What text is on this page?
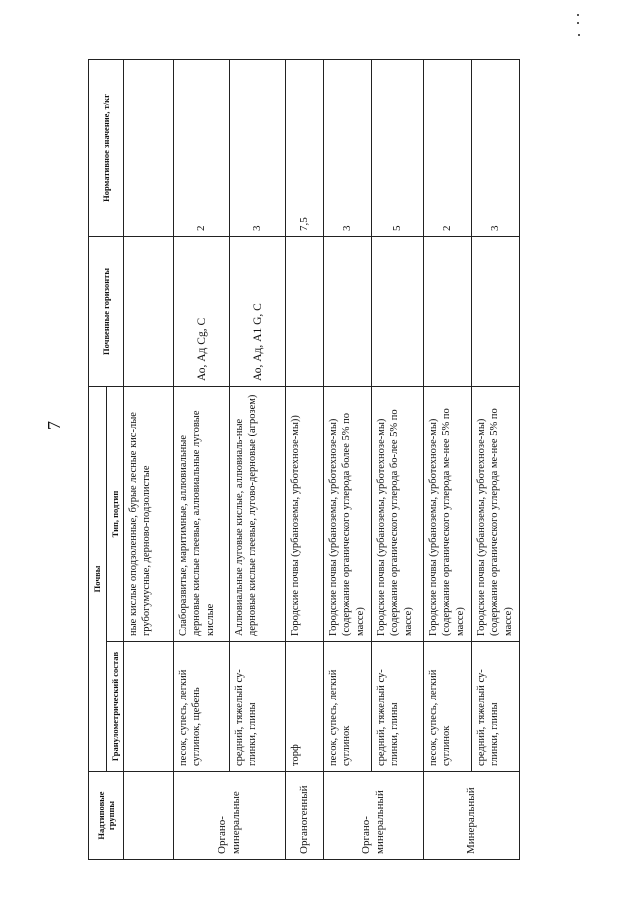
7
Надтиповые группы	Почвы		Почвенные горизонты	Нормативное значение, т/кг
	Гранулометрический состав	Тип, подтип		
		ные кислые оподзоленные, бурые лесные кис-лые грубогумусные, дерново-подзолистые		
Органо-минеральные	песок, супесь, легкий суглинок, щебень	Слаборазвитые, маритимные, аллювиальные дерновые кислые глеевые, аллювиальные луговые кислые	Ао, Ад Cg, C	2
	средний, тяжелый су-глинки, глины	Аллювиальные луговые кислые, аллювиаль-ные дерновые кислые глеевые, лугово-дерновые (агрозем)	Ао, Ад, А1 G, C	3
Органогенный	торф	Городские почвы (урбаноземы, урботехнозе-мы))		7,5
Органо-минеральный	песок, супесь, легкий суглинок	Городские почвы (урбаноземы, урботехнозе-мы) (содержание органического углерода более 5% по массе)		3
	средний, тяжелый су-глинки, глины	Городские почвы (урбаноземы, урботехнозе-мы) (содержание органического углерода бо-лее 5% по массе)		5
Минеральный	песок, супесь, легкий суглинок	Городские почвы (урбаноземы, урботехнозе-мы) (содержание органического углерода ме-нее 5% по массе)		2
	средний, тяжелый су-глинки, глины	Городские почвы (урбаноземы, урботехнозе-мы) (содержание органического углерода ме-нее 5% по массе)		3
